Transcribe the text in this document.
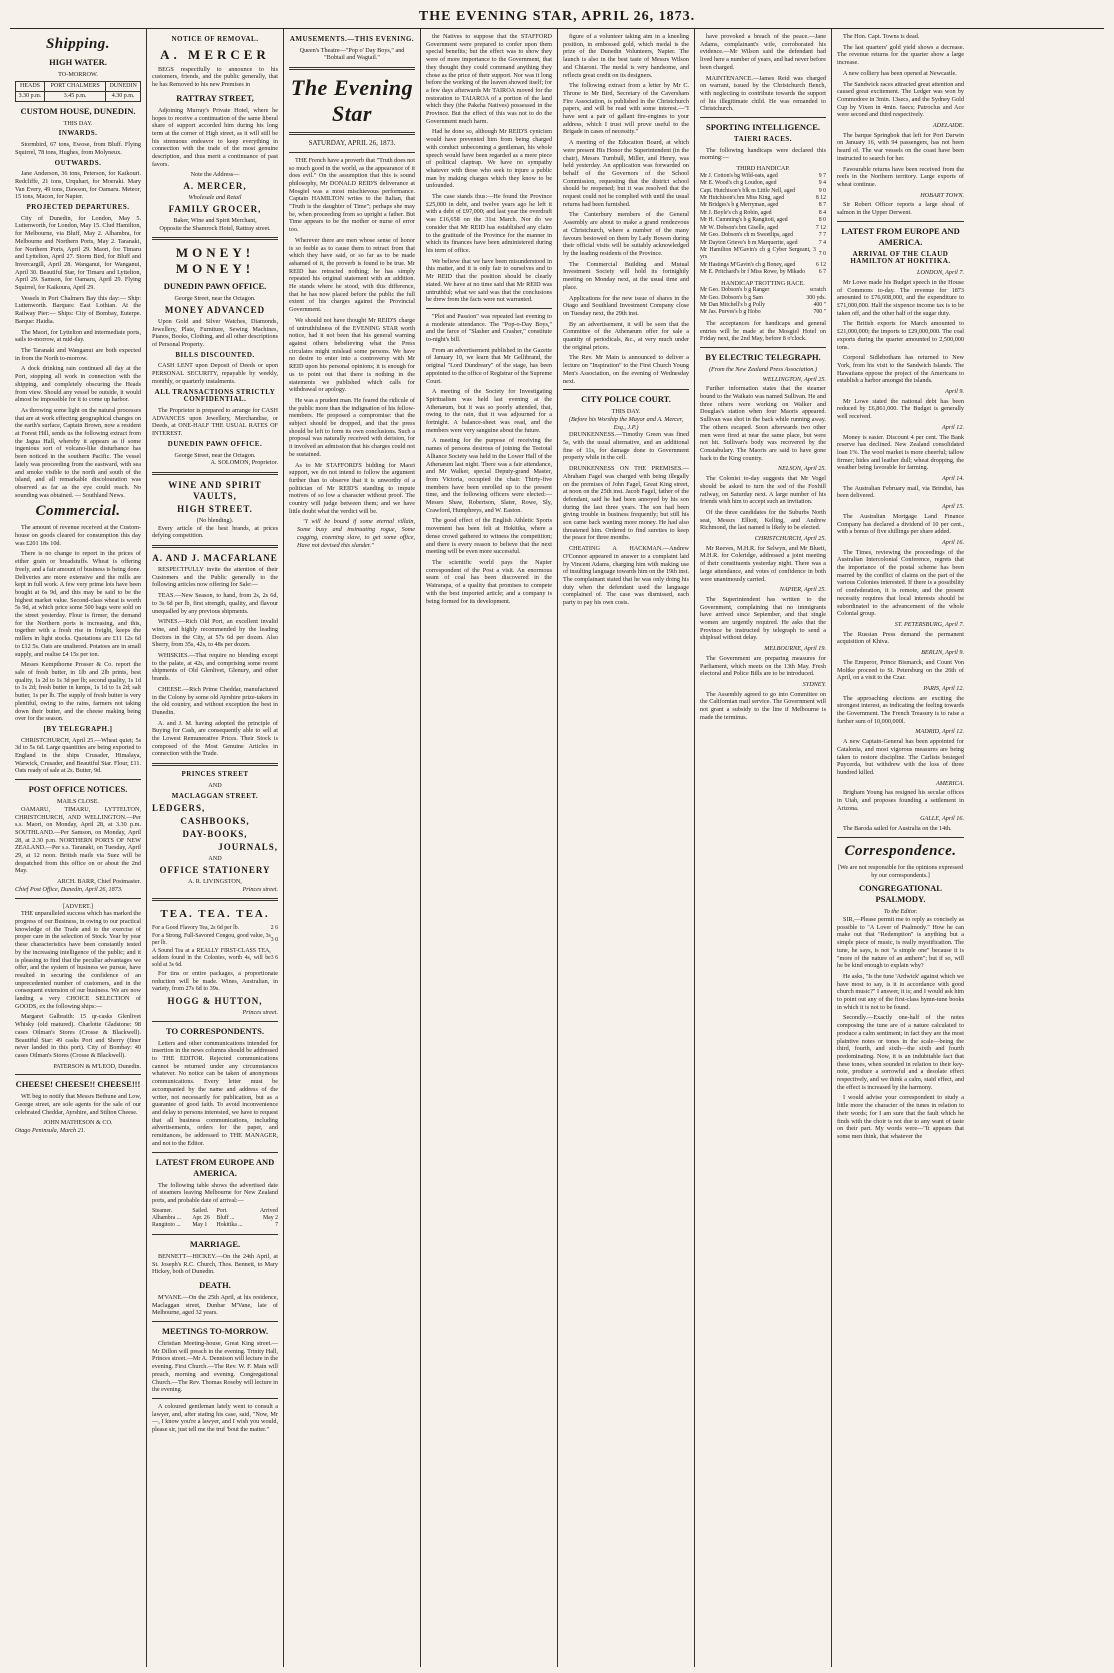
THE EVENING STAR, APRIL 26, 1873.
Shipping.
HIGH WATER.
TO-MORROW.
HEADS	PORT CHALMERS	DUNEDIN
3.30 p.m.	3.45 p.m.	4.30 p.m.
CUSTOM HOUSE, DUNEDIN.
THIS DAY.
INWARDS.

Stormbird, 67 tons, Ewose, from Bluff. Flying Squirrel, 78 tons, Hughes, from Molyneux.

OUTWARDS.

Jane Anderson, 36 tons, Peterson, for Kaikouri. Redcliffe, 21 tons, Urquhart, for Moeraki. Mary Van Every, 49 tons, Dawson, for Oamaru. Meteor, 15 tons, Macon, for Napier.

PROJECTED DEPARTURES.

City of Dunedin, for London, May 5. Luttenworth, for London, May 15. Clud Hamilton, for Melbourne, via Bluff, May 2. Alhambra, for Melbourne and Northern Ports, May 2. Taranaki, for Northern Ports, April 29. Maori, for Timaru and Lyttelton, April 27. Storm Bird, for Bluff and Invercargill, April 28. Wanganui, for Wanganui, April 30. Beautiful Star, for Timaru and Lyttelton, April 29. Samson, for Oamaru, April 29. Flying Squirrel, for Kaikoura, April 29.

Vessels in Port Chalmers Bay this day:— Ship: Luttenworth. Barques: East Lothian. At the Railway Pier:— Ships: City of Bombay, Euterpe. Barque: Haidia.

The Maori, for Lyttelton and intermediate ports, sails to-morrow, at mid-day.

The Taranaki and Wanganui are both expected in from the North to-morrow.

A dock drinking rain continued all day at the Port, stopping all work in connection with the shipping, and completely obscuring the Heads from view. Should any vessel be outside, it would almost be impossible for it to come up harbor.

As throwing some light on the natural processes that are at work effecting geographical changes on the earth's surface, Captain Brown, now a resident at Forest Hill, sends us the following extract from the Jagua Hall, whereby it appears as if some ingenious sort of volcano-like disturbance has been noticed in the southern Pacific. The vessel lately was proceeding from the eastward, with sea and smoke visible to the north and south of the island, and all remarkable discolouration was observed as far as the eye could reach. No sounding was obtained. — Southland News.

Commercial.

The amount of revenue received at the Custom-house on goods cleared for consumption this day was £201 18s 10d.

There is no change to report in the prices of either grain or breadstuffs. Wheat is offering freely, and a fair amount of business is being done. Deliveries are more extensive and the mills are kept in full work. A few very prime lots have been bought at 6s 9d, and this may be said to be the highest market value. Second-class wheat is worth 5s 9d, at which price some 500 bags were sold on the street yesterday. Flour is firmer, the demand for the Northern ports is increasing, and this, together with a fresh rise in freight, keeps the millers in light stocks. Quotations are £11 12s 6d to £12 5s. Oats are unaltered. Potatoes are in small supply, and realise £4 15s per ton.

Messrs Kempthorne Prosser & Co. report the sale of fresh butter, in 1lb and 2lb prints, best quality, 1s 2d to 1s 3d per lb; second quality, 1s 1d to 1s 2d; fresh butter in lumps, 1s 1d to 1s 2d; salt butter, 1s per lb. The supply of fresh butter is very plentiful, owing to the rains, farmers not taking down their butter, and the cheese making being over for the season.

[BY TELEGRAPH.]

CHRISTCHURCH, April 25.—Wheat quiet; 5s 3d to 5s 6d. Large quantities are being exported to England in the ships Crusader, Himalaya, Warwick, Crusader, and Beautiful Star. Flour, £11. Oats ready of sale at 2s. Butter, 9d.

POST OFFICE NOTICES.
MAILS CLOSE.

OAMARU, TIMARU, LYTTELTON, CHRISTCHURCH, AND WELLINGTON.—Per s.s. Maori, on Monday, April 28, at 3.30 p.m. SOUTHLAND.—Per Samson, on Monday, April 28, at 2.30 p.m. NORTHERN PORTS OF NEW ZEALAND.—Per s.s. Taranaki, on Tuesday, April 29, at 12 noon. British mails via Suez will be despatched from this office on or about the 2nd May.

ARCH. BARR, Chief Postmaster.
Chief Post Office, Dunedin, April 26, 1873.
[ADVERT.]

THE unparalleled success which has marked the progress of our Business, in owing to our practical knowledge of the Trade and to the exercise of proper care in the selection of Stock. Year by year these characteristics have been constantly tested by the increasing intelligence of the public; and it is pleasing to find that the peculiar advantages we offer, and the system of business we pursue, have resulted in securing the confidence of an unprecedented number of customers, and in the consequent extension of our business. We are now landing a very CHOICE SELECTION of GOODS, ex the following ships:—

Margaret Galbraith: 15 qr-casks Glenlivet Whisky (old matured). Charlotte Gladstone: 98 cases Oilman's Stores (Crosse & Blackwell). Beautiful Star: 49 casks Port and Sherry (finer never landed in this port). City of Bombay: 40 cases Oilman's Stores (Crosse & Blackwell).

PATERSON & M'LEOD, Dunedin.
CHEESE! CHEESE!! CHEESE!!!

WE beg to notify that Messrs Bethune and Low, George street, are sole agents for the sale of our celebrated Cheddar, Ayrshire, and Stilton Cheese.

JOHN MATHESON & CO.
Otago Peninsula, March 21.
NOTICE OF REMOVAL.
A. MERCER

BEGS respectfully to announce to his customers, friends, and the public generally, that he has Removed to his new Premises in

RATTRAY STREET,

Adjoining Murray's Private Hotel, where he hopes to receive a continuation of the same liberal share of support accorded him during his long term at the corner of High street, as it will still be his strenuous endeavor to keep everything in connection with the trade of the most genuine description, and thus merit a continuance of past favors.

Note the Address—
A. MERCER,
Wholesale and Retail
FAMILY GROCER,
Baker, Wine and Spirit Merchant,
Opposite the Shamrock Hotel, Rattray street.
MONEY! MONEY!
DUNEDIN PAWN OFFICE.
George Street, near the Octagon.
MONEY ADVANCED

Upon Gold and Silver Watches, Diamonds, Jewellery, Plate, Furniture, Sewing Machines, Pianos, Books, Clothing, and all other descriptions of Personal Property.

BILLS DISCOUNTED.

CASH LENT upon Deposit of Deeds or upon PERSONAL SECURITY, repayable by weekly, monthly, or quarterly instalments.

ALL TRANSACTIONS STRICTLY CONFIDENTIAL.

The Proprietor is prepared to arrange for CASH ADVANCES upon Jewellery, Merchandise, or Deeds, at ONE-HALF THE USUAL RATES OF INTEREST.

DUNEDIN PAWN OFFICE.
George Street, near the Octagon.
A. SOLOMON, Proprietor.
WINE AND SPIRIT VAULTS,
HIGH STREET.
(No blending).

Every article of the best brands, at prices defying competition.

A. AND J. MACFARLANE

RESPECTFULLY invite the attention of their Customers and the Public generally to the following articles now offering for Sale:—

TEAS.—New Season, to hand, from 2s, 2s 6d, to 3s 6d per lb, first strength, quality, and flavour unequalled by any previous shipments.

WINES.—Rich Old Port, an excellent invalid wine, and highly recommended by the leading Doctors in the City, at 57s 6d per dozen. Also Sherry, from 35s, 42s, to 48s per dozen.

WHISKIES.—That require no blending except to the palate, at 42s, and comprising some recent shipments of Old Glenlivet, Glenury, and other brands.

CHEESE.—Rich Prime Cheddar, manufactured in the Colony by some old Ayrshire prize-takers in the old country, and without exception the best in Dunedin.

A. and J. M. having adopted the principle of Buying for Cash, are consequently able to sell at the Lowest Remunerative Prices. Their Stock is composed of the Most Genuine Articles in connection with the Trade.

PRINCES STREET
AND
MACLAGGAN STREET.
LEDGERS,
CASHBOOKS,
DAY-BOOKS,
JOURNALS,
AND
OFFICE STATIONERY
A. R. LIVINGSTON,
Princes street.
TEA. TEA. TEA.
For a Good Flavory Tea, 2s 6d per lb.	2 6
For a Strong, Full-Savored Congou, good value, 3s per lb.	3 0
A Sound Tea at a REALLY FIRST-CLASS TEA, seldom found in the Colonies, worth 4s, will be sold at 3s 6d.	3 6

For tins or entire packages, a proportionate reduction will be made. Wines, Australian, in variety, from 27s 6d to 39s.

HOGG & HUTTON,
Princes street.
TO CORRESPONDENTS.

Letters and other communications intended for insertion in the news columns should be addressed to THE EDITOR. Rejected communications cannot be returned under any circumstances whatever. No notice can be taken of anonymous communications. Every letter must be accompanied by the name and address of the writer, not necessarily for publication, but as a guarantee of good faith. To avoid inconvenience and delay to persons interested, we have to request that all business communications, including advertisements, orders for the paper, and remittances, be addressed to THE MANAGER, and not to the Editor.

LATEST FROM EUROPE AND AMERICA.

The following table shows the advertised date of steamers leaving Melbourne for New Zealand ports, and probable date of arrival:—

Steamer.	Sailed.	Port.	Arrived
Alhambra ...	Apr. 26	Bluff ...	May 2
Rangitoto ...	May 1	Hokitika ...	7
MARRIAGE.

BENNETT—HICKEY.—On the 24th April, at St. Joseph's R.C. Church, Thos. Bennett, to Mary Hickey, both of Dunedin.

DEATH.

M'VANE.—On the 25th April, at his residence, Maclaggan street, Dunbar M'Vane, late of Melbourne, aged 32 years.

MEETINGS TO-MORROW.

Christian Meeting-house, Great King street.—Mr Dillon will preach in the evening. Trinity Hall, Princes street.—Mr A. Dennison will lecture in the evening. First Church.—The Rev. W. F. Main will preach, morning and evening. Congregational Church.—The Rev. Thomas Roseby will lecture in the evening.

A coloured gentleman lately went to consult a lawyer, and, after stating his case, said, "Now, Mr —, I know you're a lawyer, and I wish you would, please sir, just tell me the truf 'bout the matter."

AMUSEMENTS.—THIS EVENING.

Queen's Theatre—"Pop o' Day Boys," and "Bobtail and Wagtail."

The Evening Star
SATURDAY, APRIL 26, 1873.

THE French have a proverb that "Truth does not so much good in the world, as the appearance of it does evil." On the assumption that this is sound philosophy, Mr DONALD REID'S deliverance at Mosgiel was a most mischievous performance. Captain HAMILTON writes to the Italian, that "Truth is the daughter of Time"; perhaps she may be, when proceeding from so upright a father. But Time appears to be the mother or nurse of error too.

Wherever there are men whose sense of honor is so feeble as to cause them to retract from that which they have said, or so far as to be made ashamed of it, the proverb is found to be true. Mr REID has retracted nothing; he has simply repeated his original statement with an addition. He stands where he stood, with this difference, that he has now placed before the public the full extent of his charges against the Provincial Government.

We should not have thought Mr REID'S charge of untruthfulness of the EVENING STAR worth notice, had it not been that his general warning against others bebelieving what the Press circulates might mislead some persons. We have no desire to enter into a controversy with Mr REID upon his personal opinions; it is enough for us to point out that there is nothing in the statements we published which calls for withdrawal or apology.

He was a prudent man. He feared the ridicule of the public more than the indignation of his fellow-members. He proposed a compromise: that the subject should be dropped, and that the press should be left to form its own conclusions. Such a proposal was naturally received with derision, for it involved an admission that his charges could not be sustained.

As to Mr STAFFORD'S bidding for Maori support, we do not intend to follow the argument further than to observe that it is unworthy of a politician of Mr REID'S standing to impute motives of so low a character without proof. The country will judge between them; and we have little doubt what the verdict will be.

"I will be bound if some eternal villain, Some busy and insinuating rogue, Some cogging, cozening slave, to get some office, Have not devised this slander."

the Natives to suppose that the STAFFORD Government were prepared to confer upon them special benefits; but the effect was to show they were of more importance to the Government, that they thought they could command anything they chose as the price of their support. Nor was it long before the working of the leaven showed itself; for a few days afterwards Mr TAIROA moved for the restoration to TAIAROA of a portion of the land which they (the Pakeha Natives) possessed in the Province. But the effect of this was not to do the Government much harm.

Had he done so, although Mr REID'S cynicism would have prevented him from being charged with conduct unbecoming a gentleman, his whole speech would have been regarded as a mere piece of political claptrap. We have no sympathy whatever with those who seek to injure a public man by making charges which they know to be unfounded.

The case stands thus:—He found the Province £25,000 in debt, and twelve years ago he left it with a debt of £97,000; and last year the overdraft was £16,658 on the 31st March. Nor do we consider that Mr REID has established any claim to the gratitude of the Province for the manner in which its finances have been administered during his term of office.

We believe that we have been misunderstood in this matter, and it is only fair to ourselves and to Mr REID that the position should be clearly stated. We have at no time said that Mr REID was untruthful; what we said was that the conclusions he drew from the facts were not warranted.

"Plot and Passion" was repeated last evening to a moderate attendance. The "Pop-o-Day Boys," and the farce of "Slasher and Crasher," constitute to-night's bill.

From an advertisement published in the Gazette of January 10, we learn that Mr Gellibrand, the original "Lord Dundreary" of the stage, has been appointed to the office of Registrar of the Supreme Court.

A meeting of the Society for Investigating Spiritualism was held last evening at the Athenæum, but it was so poorly attended, that, owing to the rain, that it was adjourned for a fortnight. A balance-sheet was read, and the members were very sanguine about the future.

A meeting for the purpose of receiving the names of persons desirous of joining the Teetotal Alliance Society was held in the Lower Hall of the Athenæum last night. There was a fair attendance, and Mr Walker, special Deputy-grand Master, from Victoria, occupied the chair. Thirty-five members have been enrolled up to the present time, and the following officers were elected:—Messrs Shaw, Robertson, Slater, Rowe, Sly, Crawford, Humphreys, and W. Easton.

The good effect of the English Athletic Sports movement has been felt at Hokitika, where a dense crowd gathered to witness the competition; and there is every reason to believe that the next meeting will be even more successful.

The scientific world pays the Napier correspondent of the Post a visit. An enormous seam of coal has been discovered in the Wairarapa, of a quality that promises to compete with the best imported article; and a company is being formed for its development.

figure of a volunteer taking aim in a kneeling position, in embossed gold, which medal is the prize of the Dunedin Volunteers, Napier. The launch is also in the best taste of Messrs Wilson and Chiaroni. The medal is very handsome, and reflects great credit on its designers.

The following extract from a letter by Mr C. Throne to Mr Bird, Secretary of the Caversham Fire Association, is published in the Christchurch papers, and will be read with some interest.—"I have sent a pair of gallant fire-engines to your address, which I trust will prove useful to the Brigade in cases of necessity."

A meeting of the Education Board, at which were present His Honor the Superintendent (in the chair), Messrs Turnbull, Miller, and Henry, was held yesterday. An application was forwarded on behalf of the Governors of the School Commission, requesting that the district school should be reopened; but it was resolved that the request could not be complied with until the usual returns had been furnished.

The Canterbury members of the General Assembly are about to make a grand rendezvous at Christchurch, where a number of the many favours bestowed on them by Lady Bowen during their official visits will be suitably acknowledged by the leading residents of the Province.

The Commercial Building and Mutual Investment Society will hold its fortnightly meeting on Monday next, at the usual time and place.

Applications for the new issue of shares in the Otago and Southland Investment Company close on Tuesday next, the 29th inst.

By an advertisement, it will be seen that the Committee of the Athenæum offer for sale a quantity of periodicals, &c., at very much under the original prices.

The Rev. Mr Main is announced to deliver a lecture on "Inspiration" to the First Church Young Men's Association, on the evening of Wednesday next.

CITY POLICE COURT.
THIS DAY.
(Before his Worship the Mayor and A. Mercer, Esq., J.P.)

DRUNKENNESS.—Timothy Green was fined 5s, with the usual alternative, and an additional fine of 11s, for damage done to Government property while in the cell.

DRUNKENNESS ON THE PREMISES.—Abraham Fagel was charged with being illegally on the premises of John Fagel, Great King street, at noon on the 25th inst. Jacob Fagel, father of the defendant, said he had been annoyed by his son during the last three years. The son had been giving trouble in business frequently; but still his son came back wanting more money. He had also threatened him. Ordered to find sureties to keep the peace for three months.

CHEATING A HACKMAN.—Andrew O'Connor appeared in answer to a complaint laid by Vincent Adams, charging him with making use of insulting language towards him on the 19th inst. The complainant stated that he was only doing his duty when the defendant used the language complained of. The case was dismissed, each party to pay his own costs.

have provoked a breach of the peace.—Jane Adams, complainant's wife, corroborated his evidence.—Mr Wilson said the defendant had lived here a number of years, and had never before been charged.

MAINTENANCE.—James Reid was charged on warrant, issued by the Christchurch Bench, with neglecting to contribute towards the support of his illegitimate child. He was remanded to Christchurch.

SPORTING INTELLIGENCE.
TAIERI RACES.

The following handicaps were declared this morning:—

THIRD HANDICAP.
Mr J. Cotton's bg Wild-oats, aged	9 7
Mr E. Wood's ch g Loudon, aged	9 4
Capt. Hutchison's blk m Little Nell, aged	9 0
Mr Hutchison's bm Miss King, aged	8 12
Mr Bridges's b g Merryman, aged	8 7
Mr J. Boyle's ch g Robin, aged	8 4
Mr H. Cumming's b g Rangitoti, aged	8 0
Mr W. Dobson's bm Giselle, aged	7 12
Mr Geo. Dobson's ch m Sweetlips, aged	7 7
Mr Dayton Grieve's b m Marquerite, aged	7 4
Mr Hamilton M'Gavin's ch g Cyber Sergeant, 3 yrs	7 0
Mr Hastings M'Gavin's ch g Boney, aged	6 12
Mr E. Pritchard's br f Miss Rowe, by Mikado	6 7
HANDICAP TROTTING RACE.
Mr Geo. Dobson's b g Ranger	scratch
Mr Geo. Dobson's b g Sam	300 yds.
Mr Dan Mitchell's b g Polly	400 "
Mr Jas. Purves's b g Hobo	700 "

The acceptances for handicaps and general entries will be made at the Mosgiel Hotel on Friday next, the 2nd May, before 8 o'clock.

BY ELECTRIC TELEGRAPH.
(From the New Zealand Press Association.)
WELLINGTON, April 25.

Further information states that the steamer bound to the Waikato was named Sullivan. He and three others were working on Walker and Douglas's station when four Maoris appeared. Sullivan was shot in the back while running away. The others escaped. Soon afterwards two other men were fired at near the same place, but were not hit. Sullivan's body was recovered by the Constabulary. The Maoris are said to have gone back to the King country.

NELSON, April 25.

The Colonist to-day suggests that Mr Vogel should be asked to turn the sod of the Foxhill railway, on Saturday next. A large number of his friends wish him to accept such an invitation.

Of the three candidates for the Suburbs North seat, Messrs Elliott, Kelling, and Andrew Richmond, the last named is likely to be elected.

CHRISTCHURCH, April 25.

Mr Reeves, M.H.R. for Selwyn, and Mr Bluett, M.H.R. for Coleridge, addressed a joint meeting of their constituents yesterday night. There was a large attendance, and votes of confidence in both were unanimously carried.

NAPIER, April 25.

The Superintendent has written to the Government, complaining that no immigrants have arrived since September, and that single women are urgently required. He asks that the Province be instructed by telegraph to send a shipload without delay.

MELBOURNE, April 19.

The Government are preparing measures for Parliament, which meets on the 13th May. Fresh electoral and Police Bills are to be introduced.

SYDNEY.

The Assembly agreed to go into Committee on the Californian mail service. The Government will not grant a subsidy to the line if Melbourne is made the terminus.

The Hon. Capt. Towns is dead.

The last quarters' gold yield shows a decrease. The revenue returns for the quarter show a large increase.

A new colliery has been opened at Newcastle.

The Sandwick races attracted great attention and caused great excitement. The Ledger was won by Commodore in 3min. 13secs, and the Sydney Gold Cup by Vixen in 4min. 6secs; Patroclus and Ace were second and third respectively.

ADELAIDE.

The barque Springbok that left for Port Darwin on January 16, with 94 passengers, has not been heard of. The war vessels on the coast have been instructed to search for her.

Favourable returns have been received from the reefs in the Northern territory. Large exports of wheat continue.

HOBART TOWN.

Sir Robert Officer reports a large shoal of salmon in the Upper Derwent.

LATEST FROM EUROPE AND AMERICA.
ARRIVAL OF THE CLAUD HAMILTON AT HOKITIKA.
LONDON, April 7.

Mr Lowe made his Budget speech in the House of Commons to-day. The revenue for 1873 amounted to £76,608,000, and the expenditure to £71,000,000. Half the sixpence income tax is to be taken off, and the other half of the sugar duty.

The British exports for March amounted to £21,000,000; the imports to £29,000,000. The coal exports during the quarter amounted to 2,500,000 tons.

Corporal Sidlebotham has returned to New York, from his visit to the Sandwich Islands. The Hawaiians oppose the project of the Americans to establish a harbor amongst the islands.

April 9.

Mr Lowe stated the national debt has been reduced by £6,861,000. The Budget is generally well received.

April 12.

Money is easier. Discount 4 per cent. The Bank reserve has declined. New Zealand consolidated loan 1%. The wool market is more cheerful; tallow firmer; hides and leather dull; wheat dropping, the weather being favorable for farming.

April 14.

The Australian February mail, via Brindisi, has been delivered.

April 15.

The Australian Mortgage Land Finance Company has declared a dividend of 10 per cent., with a bonus of five shillings per share added.

April 16.

The Times, reviewing the proceedings of the Australian Intercolonial Conference, regrets that the importance of the postal scheme has been marred by the conflict of claims on the part of the various Colonies interested. If there is a possibility of confederation, it is remote, and the present necessity requires that local interests should be subordinated to the advancement of the whole Colonial group.

ST. PETERSBURG, April 7.

The Russian Press demand the permanent acquisition of Khiva.

BERLIN, April 9.

The Emperor, Prince Bismarck, and Count Von Moltke proceed to St. Petersburg on the 26th of April, on a visit to the Czar.

PARIS, April 12.

The approaching elections are exciting the strongest interest, as indicating the feeling towards the Government. The French Treasury is to raise a further sum of 10,000,000l.

MADRID, April 12.

A new Captain-General has been appointed for Catalonia, and most vigorous measures are being taken to restore discipline. The Carlists besieged Puycerda, but withdrew with the loss of three hundred killed.

AMERICA.

Brigham Young has resigned his secular offices in Utah, and proposes founding a settlement in Arizona.

GALLE, April 16.

The Baroda sailed for Australia on the 14th.

Correspondence.

[We are not responsible for the opinions expressed by our correspondents.]

CONGREGATIONAL PSALMODY.
To the Editor.

SIR,—Please permit me to reply as concisely as possible to "A Lover of Psalmody." How he can make out that "Redemption" is anything but a simple piece of music, is really mystification. The tune, he says, is not "a simple one" because it is "more of the nature of an anthem"; but if so, will he be kind enough to explain why?

He asks, "Is the tune 'Ardwick' against which we have most to say, is it in accordance with good church music?" I answer, it is; and I would ask him to point out any of the first-class hymn-tune books in which it is not to be found.

Secondly.—Exactly one-half of the notes composing the tune are of a nature calculated to produce a calm sentiment; in fact they are the most plaintive notes or tones in the scale—being the third, fourth, and sixth—the sixth and fourth predominating. Now, it is an indubitable fact that these tones, when sounded in relation to their key-note, produce a sorrowful and a desolate effect respectively, and we think a calm, staid effect, and the effect is increased by the harmony.

I would advise your correspondent to study a little more the character of the tunes in relation to their words; for I am sure that the fault which he finds with the choir is not due to any want of taste on their part. My words were—"It appears that some men think, that whatever the
